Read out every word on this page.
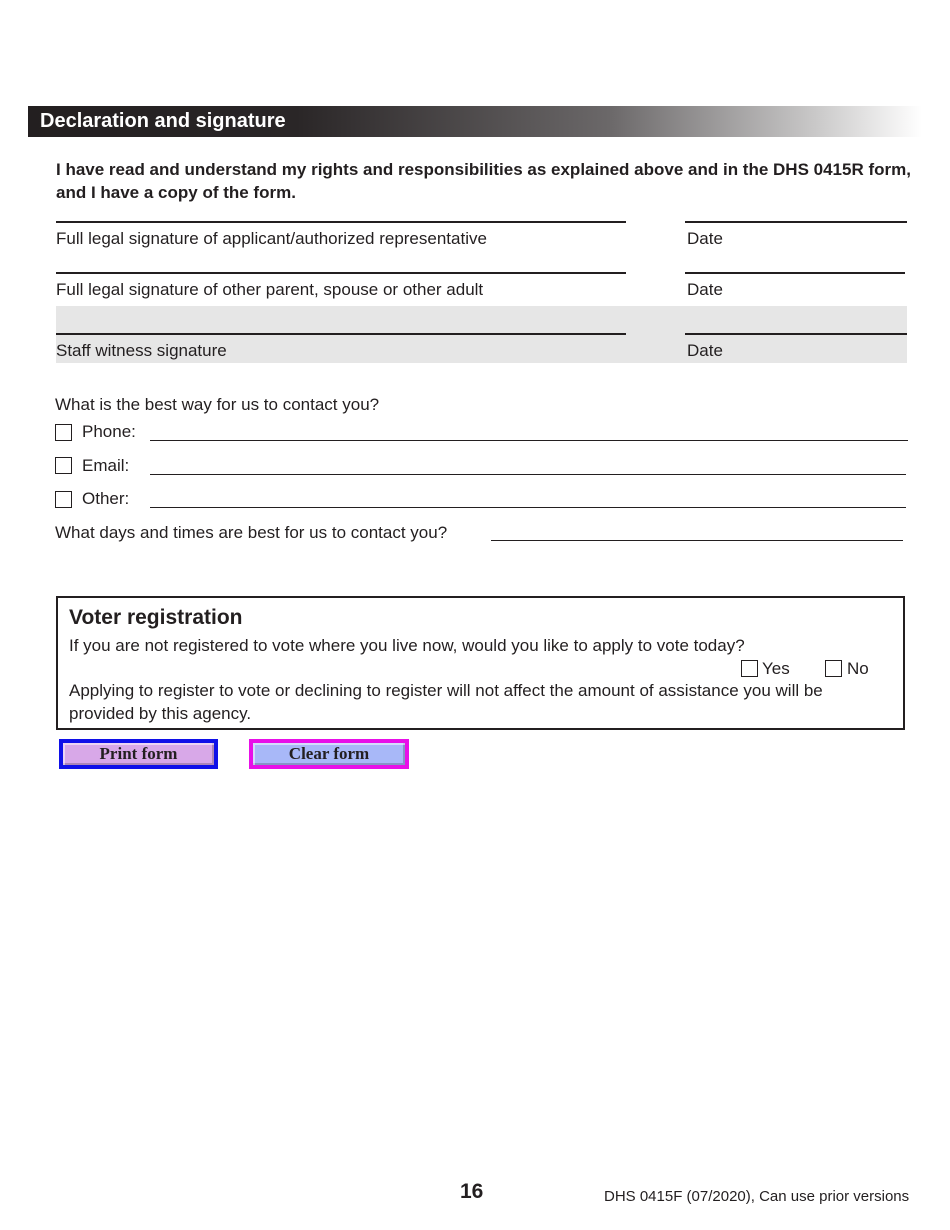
Declaration and signature
I have read and understand my rights and responsibilities as explained above and in the DHS 0415R form, and I have a copy of the form.
Full legal signature of applicant/authorized representative	Date
Full legal signature of other parent, spouse or other adult	Date
Staff witness signature	Date
What is the best way for us to contact you?
Phone:
Email:
Other:
What days and times are best for us to contact you?
Voter registration
If you are not registered to vote where you live now, would you like to apply to vote today?
Yes	No
Applying to register to vote or declining to register will not affect the amount of assistance you will be provided by this agency.
Print form	Clear form
16	DHS 0415F (07/2020), Can use prior versions
